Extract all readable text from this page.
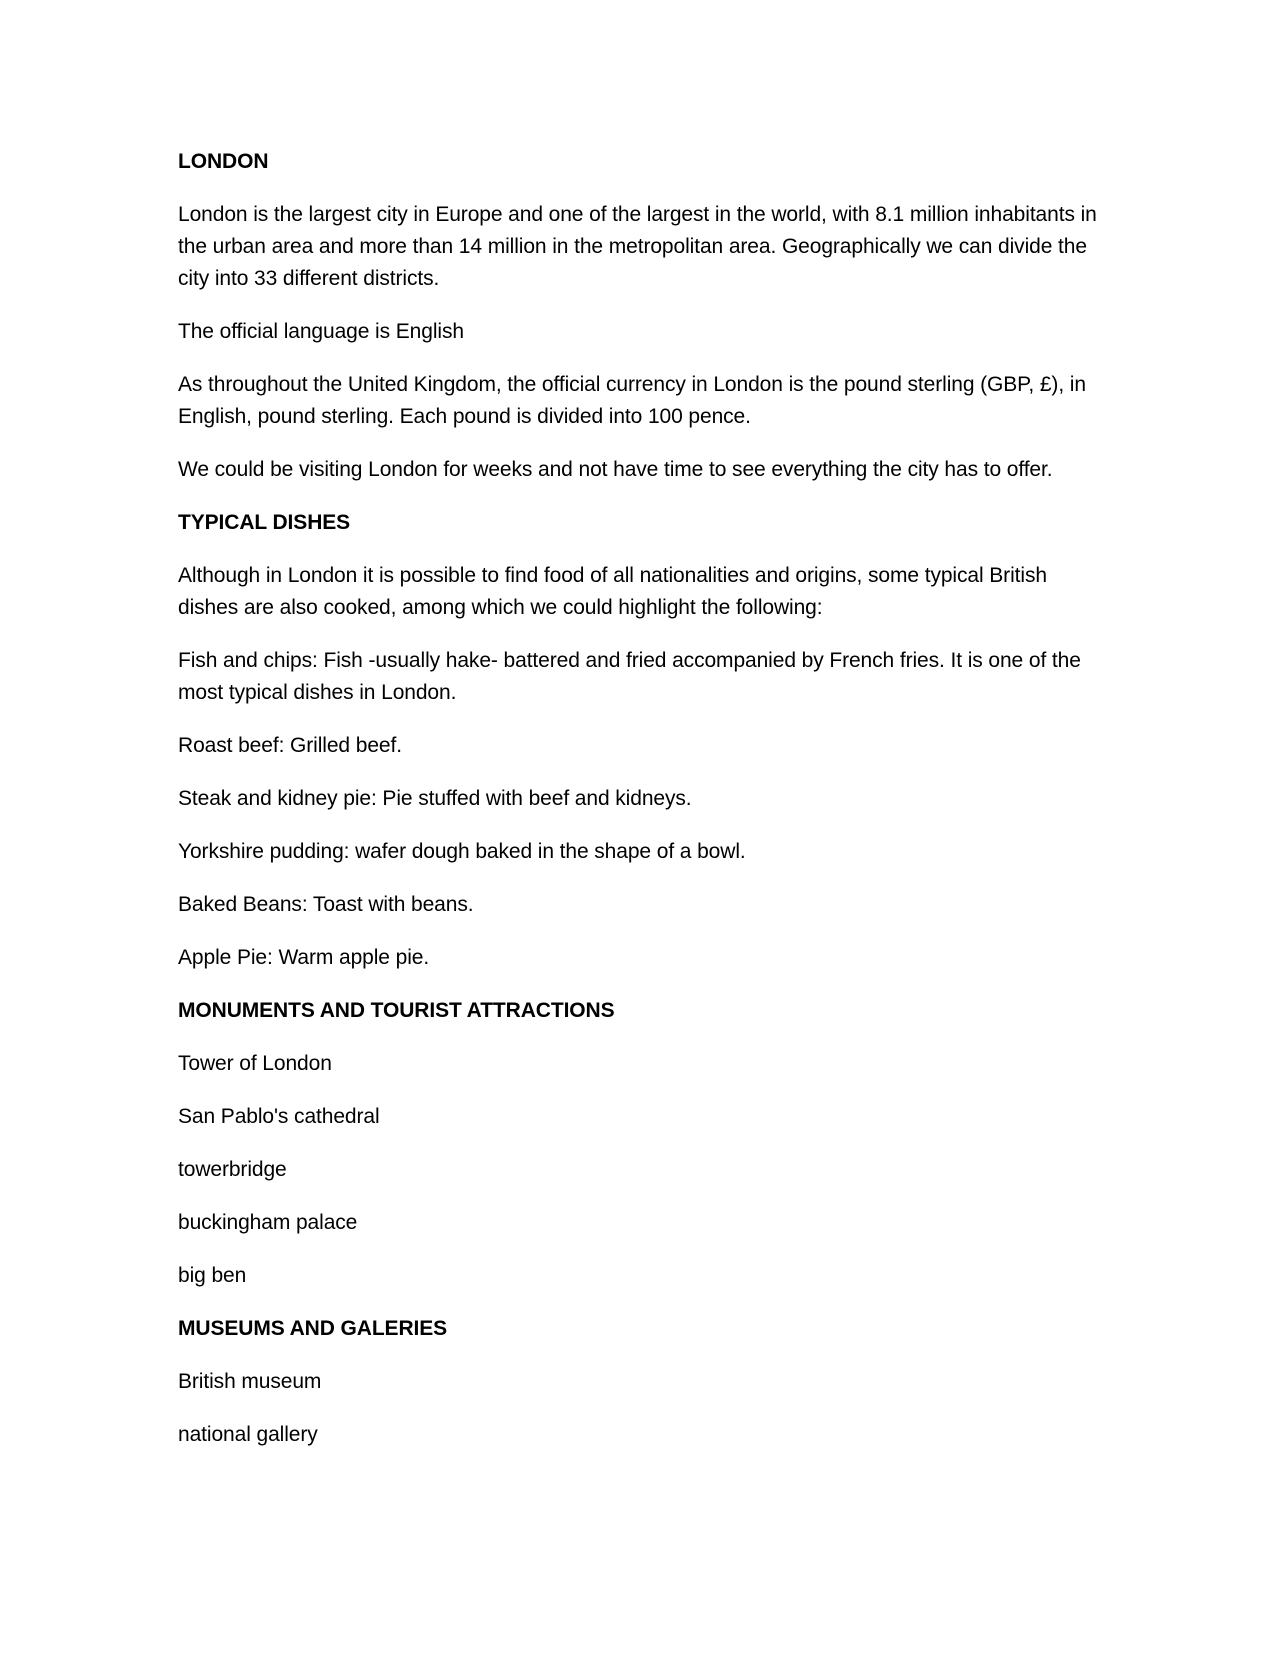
LONDON

London is the largest city in Europe and one of the largest in the world, with 8.1 million inhabitants in the urban area and more than 14 million in the metropolitan area. Geographically we can divide the city into 33 different districts.

The official language is English

As throughout the United Kingdom, the official currency in London is the pound sterling (GBP, £), in English, pound sterling. Each pound is divided into 100 pence.

We could be visiting London for weeks and not have time to see everything the city has to offer.

TYPICAL DISHES

Although in London it is possible to find food of all nationalities and origins, some typical British dishes are also cooked, among which we could highlight the following:

Fish and chips: Fish -usually hake- battered and fried accompanied by French fries. It is one of the most typical dishes in London.

Roast beef: Grilled beef.

Steak and kidney pie: Pie stuffed with beef and kidneys.

Yorkshire pudding: wafer dough baked in the shape of a bowl.

Baked Beans: Toast with beans.

Apple Pie: Warm apple pie.

MONUMENTS AND TOURIST ATTRACTIONS

Tower of London

San Pablo's cathedral

towerbridge

buckingham palace

big ben

MUSEUMS AND GALERIES

British museum

national gallery
